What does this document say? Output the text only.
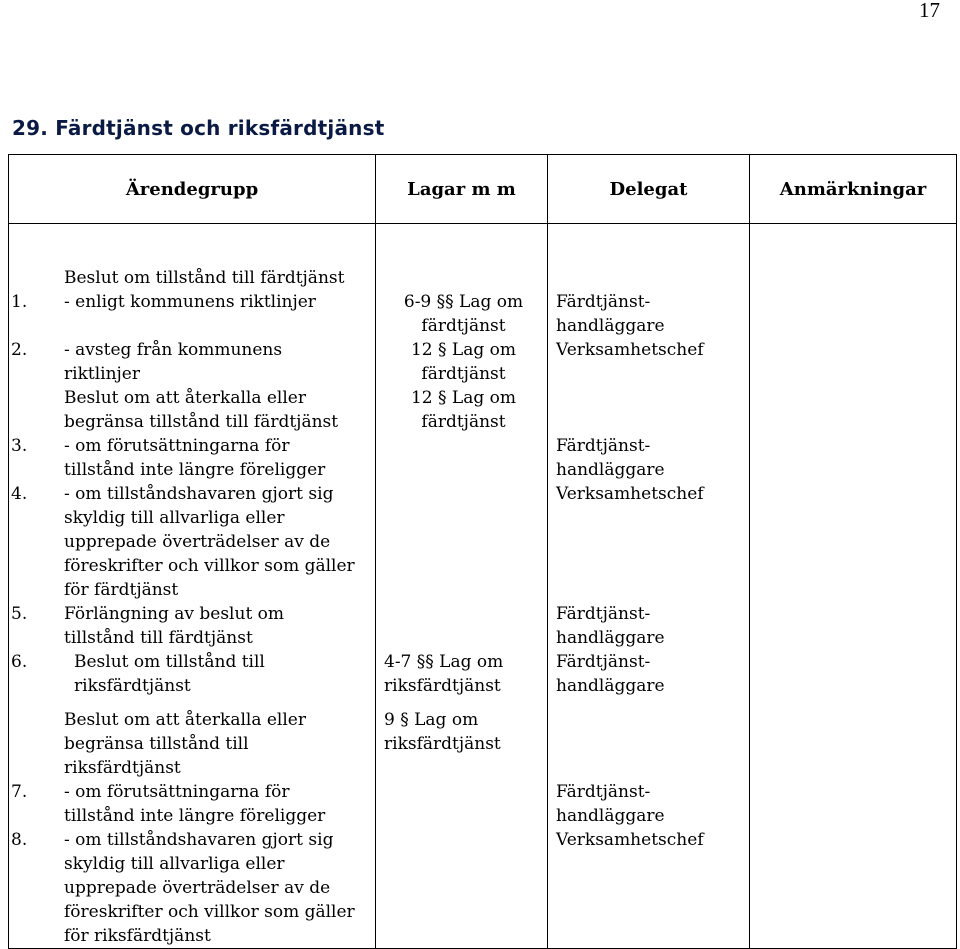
17
29. Färdtjänst och riksfärdtjänst
Ärendegrupp	Lagar m m	Delegat	Anmärkningar

Beslut om tillstånd till färdtjänst			

1. - enligt kommunens riktlinjer	6-9 §§ Lag om färdtjänst	Färdtjänst-handläggare	

2. - avsteg från kommunens riktlinjer	12 § Lag om färdtjänst	Verksamhetschef	

Beslut om att återkalla eller begränsa tillstånd till färdtjänst	12 § Lag om färdtjänst		

3. - om förutsättningarna för tillstånd inte längre föreligger		Färdtjänst-handläggare	

4. - om tillståndshavaren gjort sig skyldig till allvarliga eller upprepade överträdelser av de föreskrifter och villkor som gäller för färdtjänst		Verksamhetschef	

5. Förlängning av beslut om tillstånd till färdtjänst		Färdtjänst-handläggare	

6. Beslut om tillstånd till riksfärdtjänst	4-7 §§ Lag om riksfärdtjänst	Färdtjänst-handläggare	

Beslut om att återkalla eller begränsa tillstånd till riksfärdtjänst	9 § Lag om riksfärdtjänst		

7. - om förutsättningarna för tillstånd inte längre föreligger		Färdtjänst-handläggare	

8. - om tillståndshavaren gjort sig skyldig till allvarliga eller upprepade överträdelser av de föreskrifter och villkor som gäller för riksfärdtjänst		Verksamhetschef	
